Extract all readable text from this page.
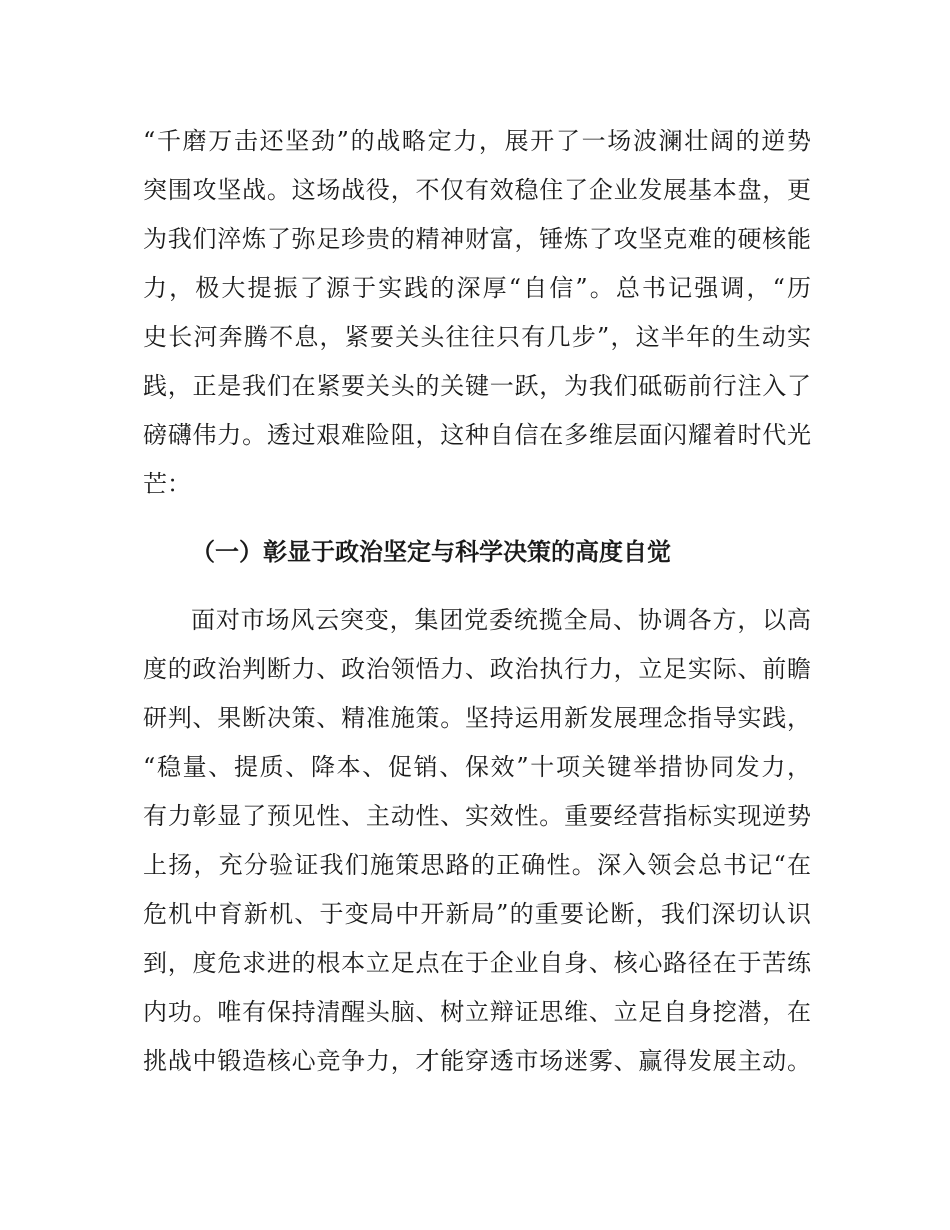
“千磨万击还坚劲”的战略定力，展开了一场波澜壮阔的逆势
突围攻坚战。这场战役，不仅有效稳住了企业发展基本盘，更
为我们淬炼了弥足珍贵的精神财富，锤炼了攻坚克难的硬核能
力，极大提振了源于实践的深厚“自信”。总书记强调，“历
史长河奔腾不息，紧要关头往往只有几步”，这半年的生动实
践，正是我们在紧要关头的关键一跃，为我们砥砺前行注入了
磅礴伟力。透过艰难险阻，这种自信在多维层面闪耀着时代光
芒：
（一）彰显于政治坚定与科学决策的高度自觉
面对市场风云突变，集团党委统揽全局、协调各方，以高
度的政治判断力、政治领悟力、政治执行力，立足实际、前瞻
研判、果断决策、精准施策。坚持运用新发展理念指导实践，
“稳量、提质、降本、促销、保效”十项关键举措协同发力，
有力彰显了预见性、主动性、实效性。重要经营指标实现逆势
上扬，充分验证我们施策思路的正确性。深入领会总书记“在
危机中育新机、于变局中开新局”的重要论断，我们深切认识
到，度危求进的根本立足点在于企业自身、核心路径在于苦练
内功。唯有保持清醒头脑、树立辩证思维、立足自身挖潜，在
挑战中锻造核心竞争力，才能穿透市场迷雾、赢得发展主动。
